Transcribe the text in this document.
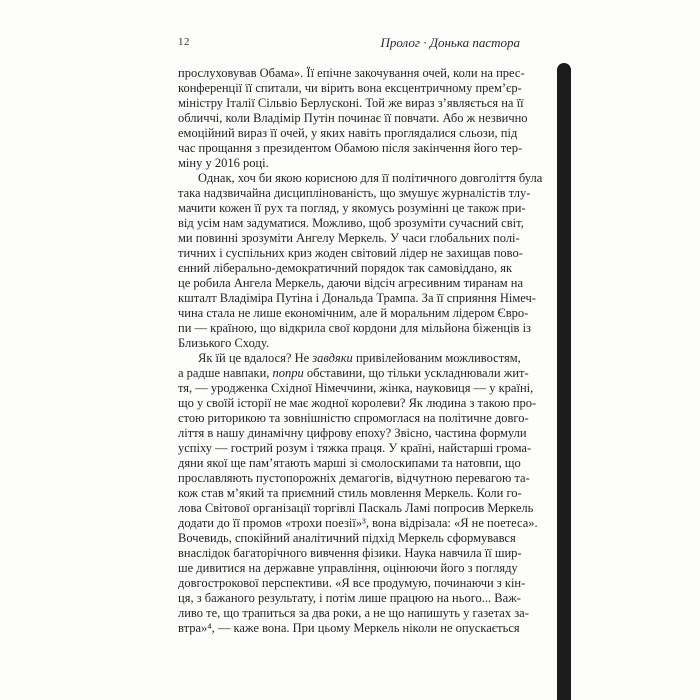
12	Пролог · Донька пастора
прослуховував Обама». Її епічне закочування очей, коли на прес-
конференції її спитали, чи вірить вона ексцентричному прем’єр-
міністру Італії Сільвіо Берлусконі. Той же вираз з’являється на її
обличчі, коли Владімір Путін починає її повчати. Або ж незвично
емоційний вираз її очей, у яких навіть проглядалися сльози, під
час прощання з президентом Обамою після закінчення його тер-
міну у 2016 році.
Однак, хоч би якою корисною для її політичного довголіття була
така надзвичайна дисциплінованість, що змушує журналістів тлу-
мачити кожен її рух та погляд, у якомусь розумінні це також при-
від усім нам задуматися. Можливо, щоб зрозуміти сучасний світ,
ми повинні зрозуміти Ангелу Меркель. У часи глобальних полі-
тичних і суспільних криз жоден світовий лідер не захищав пово-
єнний ліберально-демократичний порядок так самовіддано, як
це робила Ангела Меркель, даючи відсіч агресивним тиранам на
кшталт Владіміра Путіна і Дональда Трампа. За її сприяння Німеч-
чина стала не лише економічним, але й моральним лідером Євро-
пи — країною, що відкрила свої кордони для мільйона біженців із
Близького Сходу.
Як їй це вдалося? Не завдяки привілейованим можливостям,
а радше навпаки, попри обставини, що тільки ускладнювали жит-
тя, — уродженка Східної Німеччини, жінка, науковиця — у країні,
що у своїй історії не має жодної королеви? Як людина з такою про-
стою риторикою та зовнішністю спромоглася на політичне довго-
ліття в нашу динамічну цифрову епоху? Звісно, частина формули
успіху — гострий розум і тяжка праця. У країні, найстарші грома-
дяни якої ще пам’ятають марші зі смолоскипами та натовпи, що
прославляють пустопорожніх демагогів, відчутною перевагою та-
кож став м’який та приємний стиль мовлення Меркель. Коли го-
лова Світової організації торгівлі Паскаль Ламі попросив Меркель
додати до її промов «трохи поезії»³, вона відрізала: «Я не поетеса».
Вочевидь, спокійний аналітичний підхід Меркель сформувався
внаслідок багаторічного вивчення фізики. Наука навчила її шир-
ше дивитися на державне управління, оцінюючи його з погляду
довгострокової перспективи. «Я все продумую, починаючи з кін-
ця, з бажаного результату, і потім лише працюю на нього... Важ-
ливо те, що трапиться за два роки, а не що напишуть у газетах за-
втра»⁴, — каже вона. При цьому Меркель ніколи не опускається
